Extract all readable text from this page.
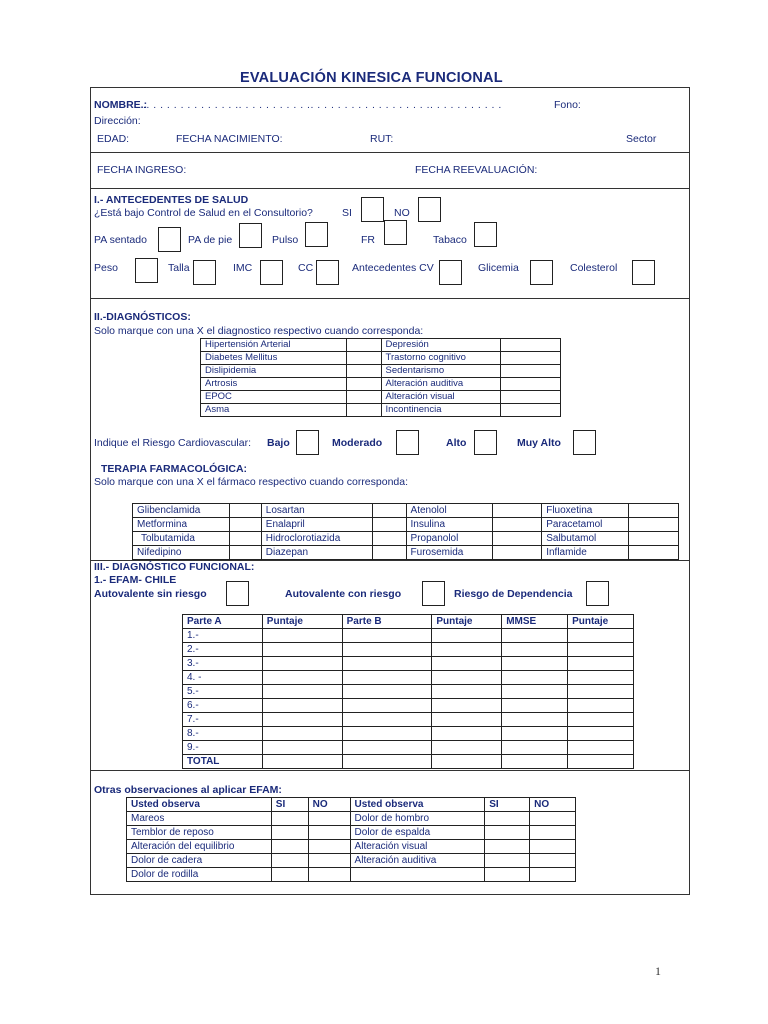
EVALUACIÓN KINESICA FUNCIONAL
NOMBRE.:
.. . . . . . . . . . . . . .. . . . . . . . . . .. . . . . . . . . . . . . . . . . .. . . . . . . . . . .	Fono:
Dirección:
EDAD:	FECHA NACIMIENTO:	RUT:	Sector
FECHA INGRESO:	FECHA REEVALUACIÓN:
I.- ANTECEDENTES DE SALUD
¿Está bajo Control de Salud en el Consultorio?	SI	NO
PA sentado	PA de pie	Pulso	FR	Tabaco
Peso	Talla	IMC	CC	Antecedentes CV	Glicemia	Colesterol
II.-DIAGNÓSTICOS:
Solo marque con una X el diagnostico respectivo cuando corresponda:
Hipertensión Arterial		Depresión	
Diabetes Mellitus		Trastorno cognitivo	
Dislipidemia		Sedentarismo	
Artrosis		Alteración auditiva	
EPOC		Alteración visual	
Asma		Incontinencia	
Indique el Riesgo Cardiovascular: Bajo	Moderado	Alto	Muy Alto
TERAPIA FARMACOLÓGICA:
Solo marque con una X el fármaco respectivo cuando corresponda:
Glibenclamida		Losartan		Atenolol		Fluoxetina	
Metformina		Enalapril		Insulina		Paracetamol	
Tolbutamida		Hidroclorotiazida		Propanolol		Salbutamol	
Nifedipino		Diazepan		Furosemida		Inflamide	
III.- DIAGNÓSTICO FUNCIONAL:
1.- EFAM- CHILE
Autovalente sin riesgo	Autovalente con riesgo	Riesgo de Dependencia
Parte A	Puntaje	Parte B	Puntaje	MMSE	Puntaje
1.-					
2.-					
3.-					
4. -					
5.-					
6.-					
7.-					
8.-					
9.-					
TOTAL					
Otras observaciones al aplicar EFAM:
Usted observa	SI	NO	Usted observa	SI	NO
Mareos			Dolor de hombro		
Temblor de reposo			Dolor de espalda		
Alteración del equilibrio			Alteración visual		
Dolor de cadera			Alteración auditiva		
Dolor de rodilla					
1
